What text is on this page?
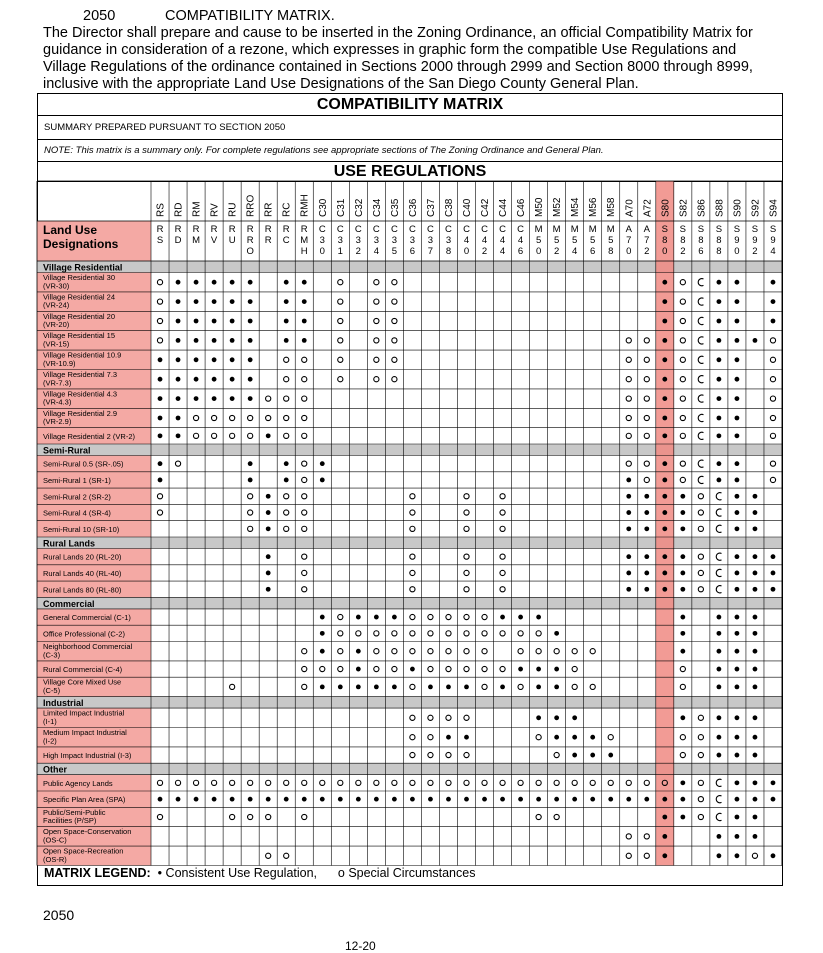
2050	COMPATIBILITY MATRIX.
The Director shall prepare and cause to be inserted in the Zoning Ordinance, an official Compatibility Matrix for guidance in consideration of a rezone, which expresses in graphic form the compatible Use Regulations and Village Regulations of the ordinance contained in Sections 2000 through 2999 and Section 8000 through 8999, inclusive with the appropriate Land Use Designations of the San Diego County General Plan.
COMPATIBILITY MATRIX
SUMMARY PREPARED PURSUANT TO SECTION 2050
NOTE: This matrix is a summary only. For complete regulations see appropriate sections of The Zoning Ordinance and General Plan.
USE REGULATIONS
RS
R
S
RD
R
D
RM
R
M
RV
R
V
RU
R
U
RRO
R
R
O
RR
R
R
RC
R
C
RMH
R
M
H
C30
C
3
0
C31
C
3
1
C32
C
3
2
C34
C
3
4
C35
C
3
5
C36
C
3
6
C37
C
3
7
C38
C
3
8
C40
C
4
0
C42
C
4
2
C44
C
4
4
C46
C
4
6
M50
M
5
0
M52
M
5
2
M54
M
5
4
M56
M
5
6
M58
M
5
8
A70
A
7
0
A72
A
7
2
S80
S
8
0
S82
S
8
2
S86
S
8
6
S88
S
8
8
S90
S
9
0
S92
S
9
2
S94
S
9
4
Land Use
Designations
Village Residential
Village Residential 30
(VR-30)
Village Residential 24
(VR-24)
Village Residential 20
(VR-20)
Village Residential 15
(VR-15)
Village Residential 10.9
(VR-10.9)
Village Residential 7.3
(VR-7.3)
Village Residential 4.3
(VR-4.3)
Village Residential 2.9
(VR-2.9)
Village Residential 2 (VR-2)
Semi-Rural
Semi-Rural 0.5 (SR-.05)
Semi-Rural 1 (SR-1)
Semi-Rural 2 (SR-2)
Semi-Rural 4 (SR-4)
Semi-Rural 10 (SR-10)
Rural Lands
Rural Lands 20 (RL-20)
Rural Lands 40 (RL-40)
Rural Lands 80 (RL-80)
Commercial
General Commercial (C-1)
Office Professional (C-2)
Neighborhood Commercial
(C-3)
Rural Commercial (C-4)
Village Core Mixed Use
(C-5)
Industrial
Limited Impact Industrial
(I-1)
Medium Impact Industrial
(I-2)
High Impact Industrial (I-3)
Other
Public Agency Lands
Specific Plan Area (SPA)
Public/Semi-Public
Facilities (P/SP)
Open Space-Conservation
(OS-C)
Open Space-Recreation
(OS-R)
MATRIX LEGEND: • Consistent Use Regulation, o Special Circumstances
2050
12-20
